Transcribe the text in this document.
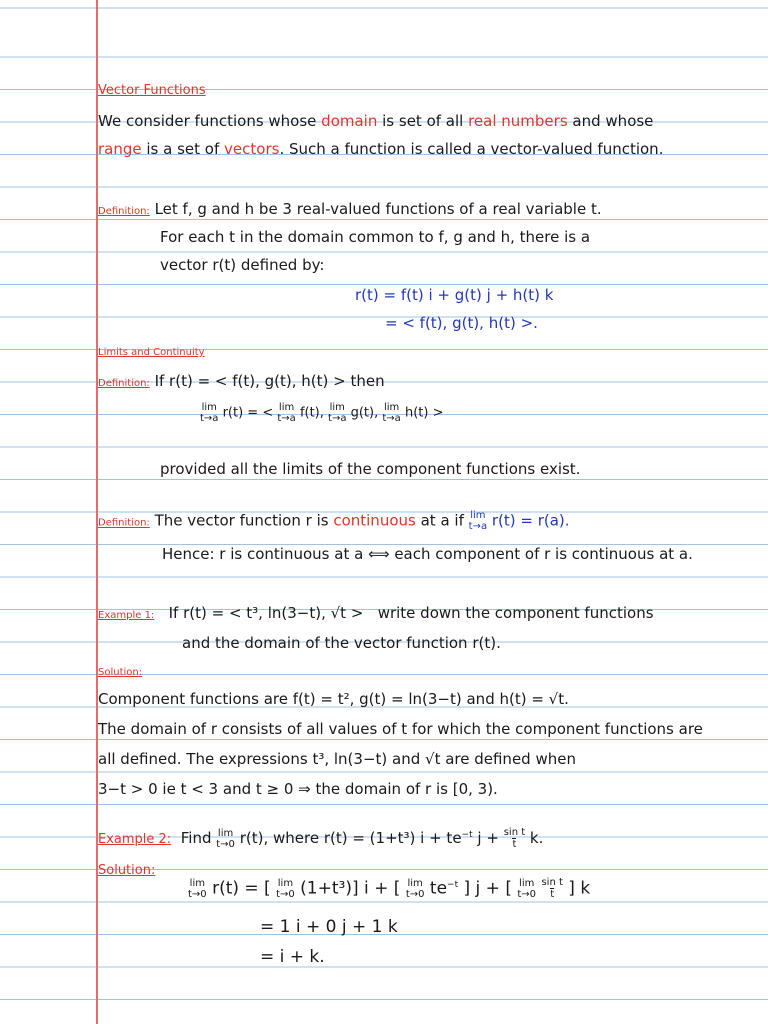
Vector Functions
We consider functions whose domain is set of all real numbers and whose
range is a set of vectors. Such a function is called a vector-valued function.
Definition: Let f, g and h be 3 real-valued functions of a real variable t.
For each t in the domain common to f, g and h, there is a
vector r(t) defined by:
r(t) = f(t) i + g(t) j + h(t) k
= < f(t), g(t), h(t) >.
Limits and Continuity
Definition: If r(t) = < f(t), g(t), h(t) > then
lim
t→a r(t) = < lim
t→a f(t), lim
t→a g(t), lim
t→a h(t) >
provided all the limits of the component functions exist.
Definition: The vector function r is continuous at a if lim
t→a r(t) = r(a).
Hence: r is continuous at a ⟺ each component of r is continuous at a.
Example 1: If r(t) = < t³, ln(3−t), √t > write down the component functions
and the domain of the vector function r(t).
Solution:
Component functions are f(t) = t², g(t) = ln(3−t) and h(t) = √t.
The domain of r consists of all values of t for which the component functions are
all defined. The expressions t³, ln(3−t) and √t are defined when
3−t > 0 ie t < 3 and t ≥ 0 ⇒ the domain of r is [0, 3).
Example 2: Find lim
t→0 r(t), where r(t) = (1+t³) $i + te^{-t}$ $j + \frac{\text{sin t}}{t} k$.
Solution:
lim
t→0 r(t) = [ lim
t→0 (1+t³)] i + [ lim
t→0 $te^{-t}$ ] j + [ lim
t→0
$\frac{\text{sin t}}{t}$ ] k
= 1 i + 0 j + 1 k
= i + k.
